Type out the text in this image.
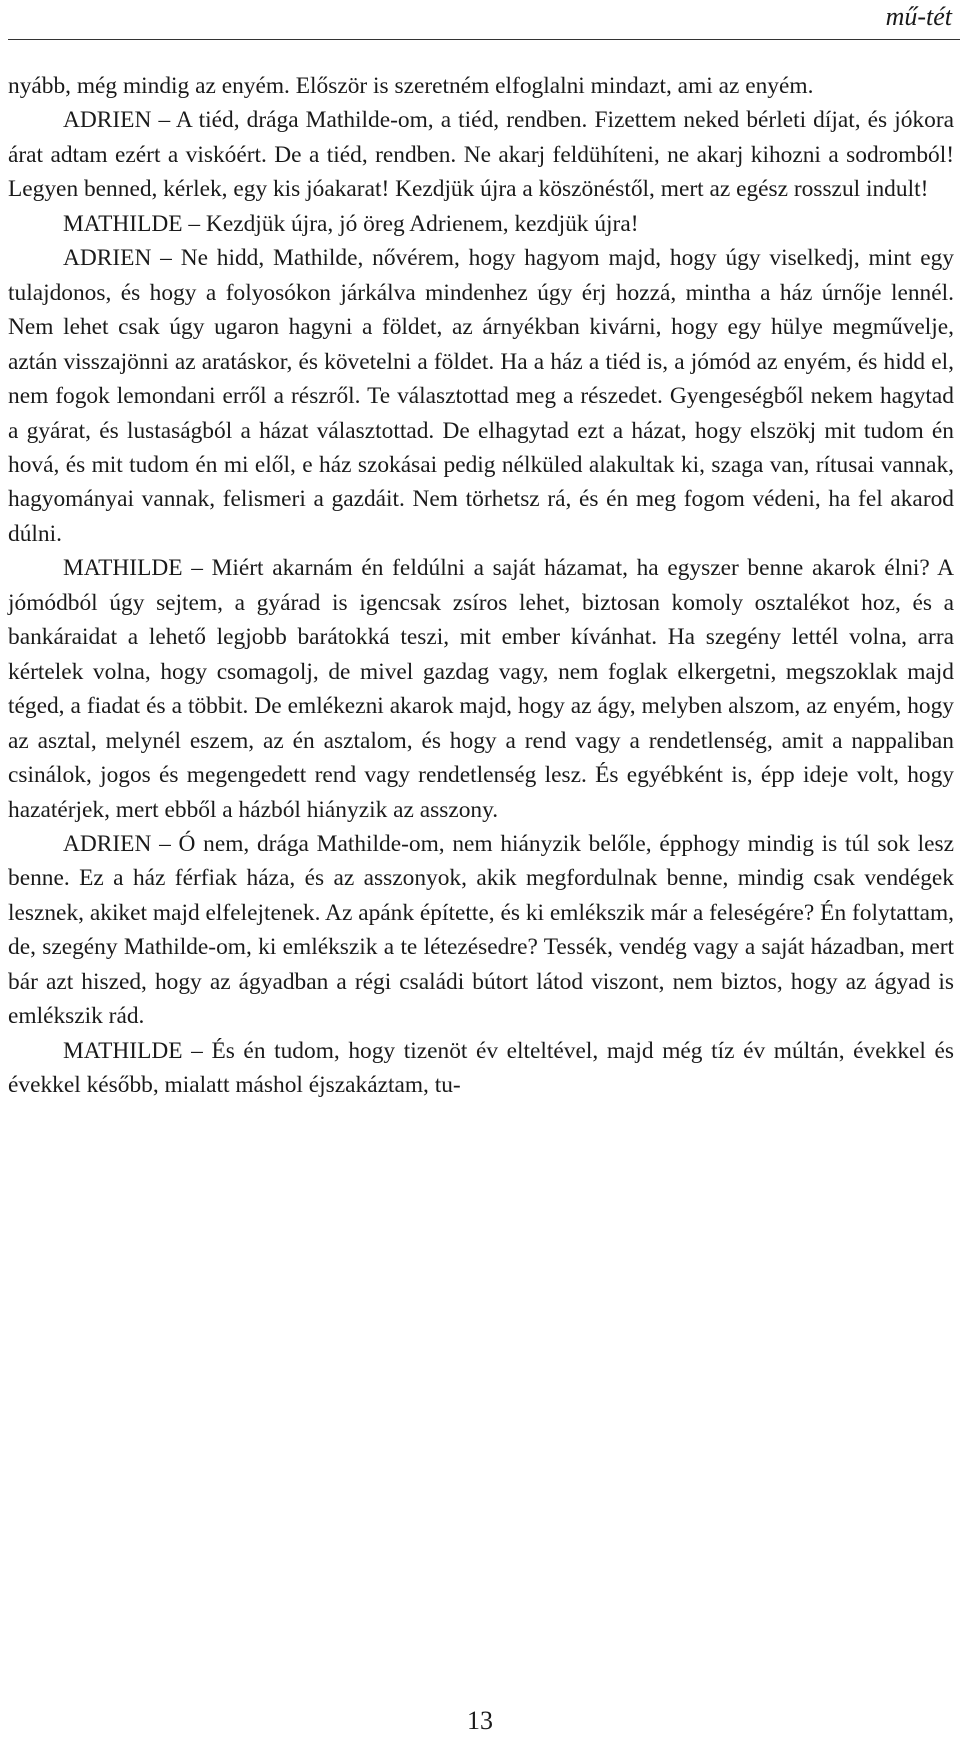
mű-tét

nyább, még mindig az enyém. Először is szeretném elfoglalni mindazt, ami az enyém.

ADRIEN – A tiéd, drága Mathilde-om, a tiéd, rendben. Fizettem neked bérleti díjat, és jókora árat adtam ezért a viskóért. De a tiéd, rendben. Ne akarj feldühíteni, ne akarj kihozni a sodromból! Legyen benned, kérlek, egy kis jóakarat! Kezdjük újra a köszönéstől, mert az egész rosszul indult!

MATHILDE – Kezdjük újra, jó öreg Adrienem, kezdjük újra!

ADRIEN – Ne hidd, Mathilde, nővérem, hogy hagyom majd, hogy úgy viselkedj, mint egy tulajdonos, és hogy a folyosókon járkálva mindenhez úgy érj hozzá, mintha a ház úrnője lennél. Nem lehet csak úgy ugaron hagyni a földet, az árnyékban kivárni, hogy egy hülye megművelje, aztán visszajönni az aratáskor, és követelni a földet. Ha a ház a tiéd is, a jómód az enyém, és hidd el, nem fogok lemondani erről a részről. Te választottad meg a részedet. Gyengeségből nekem hagytad a gyárat, és lustaságból a házat választottad. De elhagytad ezt a házat, hogy elszökj mit tudom én hová, és mit tudom én mi elől, e ház szokásai pedig nélküled alakultak ki, szaga van, rítusai vannak, hagyományai vannak, felismeri a gazdáit. Nem törhetsz rá, és én meg fogom védeni, ha fel akarod dúlni.

MATHILDE – Miért akarnám én feldúlni a saját házamat, ha egyszer benne akarok élni? A jómódból úgy sejtem, a gyárad is igencsak zsíros lehet, biztosan komoly osztalékot hoz, és a bankáraidat a lehető legjobb barátokká teszi, mit ember kívánhat. Ha szegény lettél volna, arra kértelek volna, hogy csomagolj, de mivel gazdag vagy, nem foglak elkergetni, megszoklak majd téged, a fiadat és a többit. De emlékezni akarok majd, hogy az ágy, melyben alszom, az enyém, hogy az asztal, melynél eszem, az én asztalom, és hogy a rend vagy a rendetlenség, amit a nappaliban csinálok, jogos és megengedett rend vagy rendetlenség lesz. És egyébként is, épp ideje volt, hogy hazatérjek, mert ebből a házból hiányzik az asszony.

ADRIEN – Ó nem, drága Mathilde-om, nem hiányzik belőle, épphogy mindig is túl sok lesz benne. Ez a ház férfiak háza, és az asszonyok, akik megfordulnak benne, mindig csak vendégek lesznek, akiket majd elfelejtenek. Az apánk építette, és ki emlékszik már a feleségére? Én folytattam, de, szegény Mathilde-om, ki emlékszik a te létezésedre? Tessék, vendég vagy a saját házadban, mert bár azt hiszed, hogy az ágyadban a régi családi bútort látod viszont, nem biztos, hogy az ágyad is emlékszik rád.

MATHILDE – És én tudom, hogy tizenöt év elteltével, majd még tíz év múltán, évekkel és évekkel később, mialatt máshol éjszakáztam, tu-

13
